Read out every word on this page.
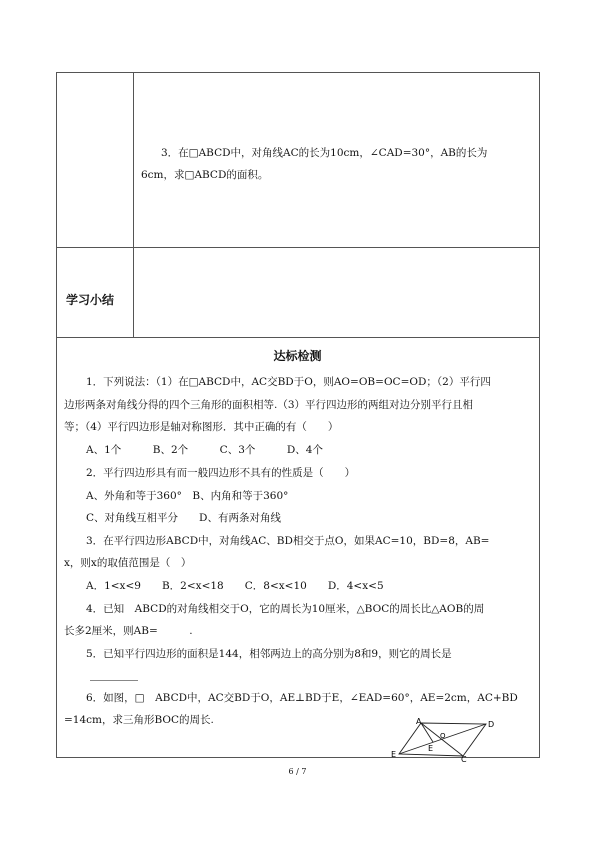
3．在□ABCD中，对角线AC的长为10cm，∠CAD=30°，AB的长为
6cm，求□ABCD的面积。
学习小结
达标检测
1．下列说法：（1）在□ABCD中，AC交BD于O，则AO=OB=OC=OD；（2）平行四
边形两条对角线分得的四个三角形的面积相等.（3）平行四边形的两组对边分别平行且相
等；（4）平行四边形是轴对称图形．其中正确的有（　　）
A、1个　　　B、2个　　　C、3个　　　D、4个
2．平行四边形具有而一般四边形不具有的性质是（　　）
A、外角和等于360°　B、内角和等于360°
C、对角线互相平分　　D、有两条对角线
3．在平行四边形ABCD中，对角线AC、BD相交于点O，如果AC=10，BD=8，AB=
x，则x的取值范围是（　）
A．1<x<9　　B．2<x<18　　C．8<x<10　　D．4<x<5
4．已知　ABCD的对角线相交于O，它的周长为10厘米，△BOC的周长比△AOB的周
长多2厘米，则AB=　　　.
5．已知平行四边形的面积是144，相邻两边上的高分别为8和9，则它的周长是
6．如图，□　ABCD中，AC交BD于O，AE⊥BD于E，∠EAD=60°，AE=2cm，AC+BD
=14cm，求三角形BOC的周长.	A	D
E
C
E
O
6 / 7
